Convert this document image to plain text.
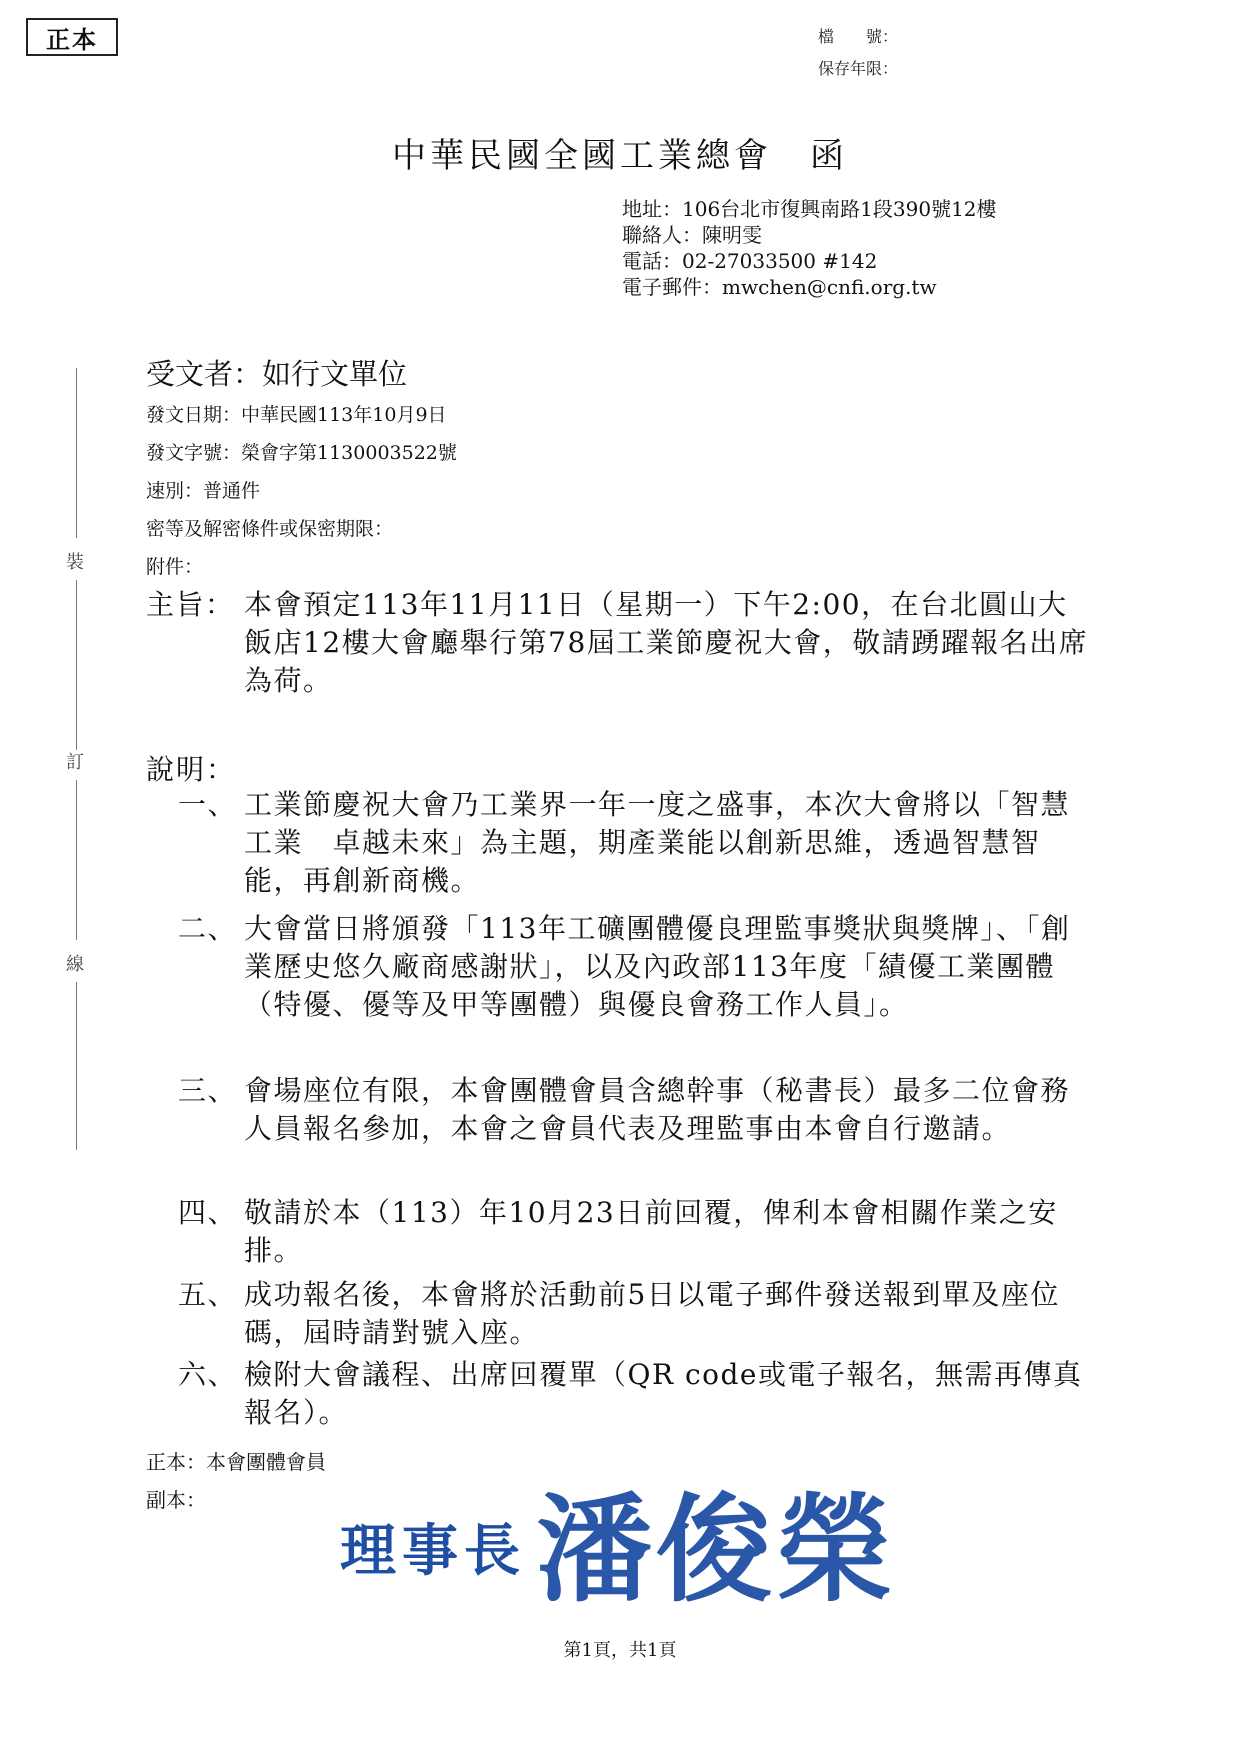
正本	檔　　號：
保存年限：
中華民國全國工業總會　函
地址：106台北市復興南路1段390號12樓
聯絡人：陳明雯
電話：02-27033500 #142
電子郵件：mwchen@cnfi.org.tw
裝
訂
線
受文者：如行文單位
發文日期：中華民國113年10月9日
發文字號：榮會字第1130003522號
速別：普通件
密等及解密條件或保密期限：
附件：
主旨： 本會預定113年11月11日（星期一）下午2:00，在台北圓山大飯店12樓大會廳舉行第78屆工業節慶祝大會，敬請踴躍報名出席為荷。
說明：
一、 工業節慶祝大會乃工業界一年一度之盛事，本次大會將以「智慧工業　卓越未來」為主題，期產業能以創新思維，透過智慧智能，再創新商機。
二、 大會當日將頒發「113年工礦團體優良理監事獎狀與獎牌」、「創業歷史悠久廠商感謝狀」，以及內政部113年度「績優工業團體（特優、優等及甲等團體）與優良會務工作人員」。
三、 會場座位有限，本會團體會員含總幹事（秘書長）最多二位會務人員報名參加，本會之會員代表及理監事由本會自行邀請。
四、 敬請於本（113）年10月23日前回覆，俾利本會相關作業之安排。
五、 成功報名後，本會將於活動前5日以電子郵件發送報到單及座位碼，屆時請對號入座。
六、 檢附大會議程、出席回覆單（QR code或電子報名，無需再傳真報名）。
正本：本會團體會員
副本：
理事長 潘俊榮
第1頁，共1頁
